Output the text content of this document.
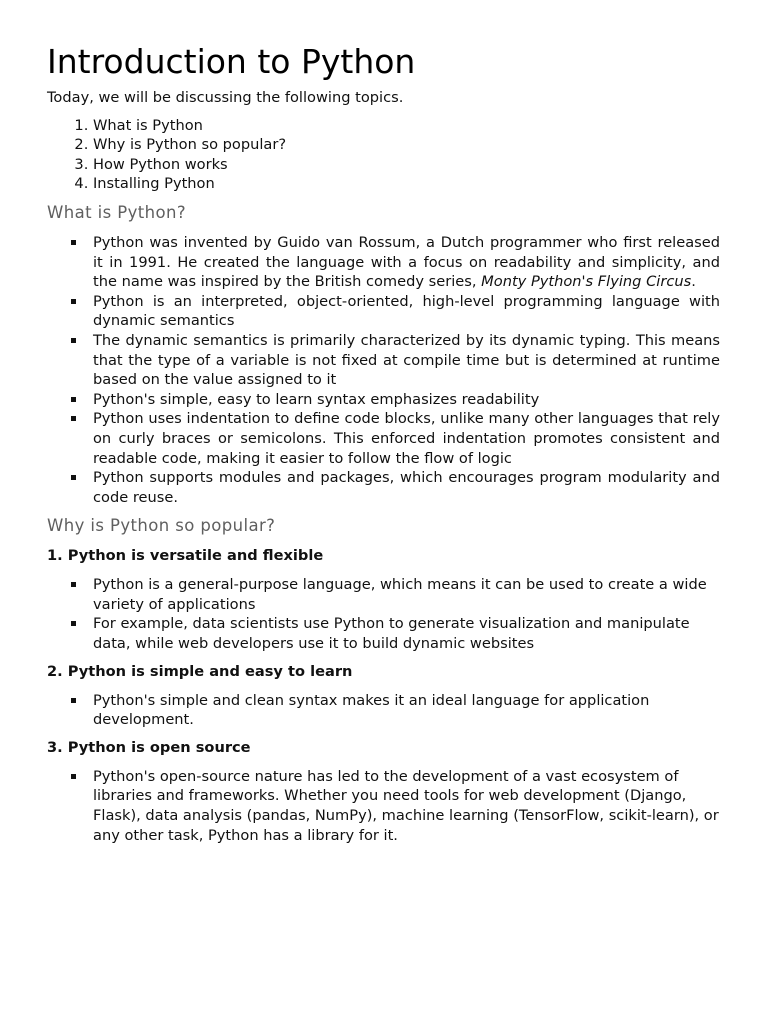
Introduction to Python

Today, we will be discussing the following topics.

1. What is Python
2. Why is Python so popular?
3. How Python works
4. Installing Python
What is Python?
Python was invented by Guido van Rossum, a Dutch programmer who first released it in 1991. He created the language with a focus on readability and simplicity, and the name was inspired by the British comedy series, Monty Python's Flying Circus.
Python is an interpreted, object-oriented, high-level programming language with dynamic semantics
The dynamic semantics is primarily characterized by its dynamic typing. This means that the type of a variable is not fixed at compile time but is determined at runtime based on the value assigned to it
Python's simple, easy to learn syntax emphasizes readability
Python uses indentation to define code blocks, unlike many other languages that rely on curly braces or semicolons. This enforced indentation promotes consistent and readable code, making it easier to follow the flow of logic
Python supports modules and packages, which encourages program modularity and code reuse.
Why is Python so popular?
1. Python is versatile and flexible
Python is a general-purpose language, which means it can be used to create a wide variety of applications
For example, data scientists use Python to generate visualization and manipulate data, while web developers use it to build dynamic websites
2. Python is simple and easy to learn
Python's simple and clean syntax makes it an ideal language for application development.
3. Python is open source
Python's open-source nature has led to the development of a vast ecosystem of libraries and frameworks. Whether you need tools for web development (Django, Flask), data analysis (pandas, NumPy), machine learning (TensorFlow, scikit-learn), or any other task, Python has a library for it.
